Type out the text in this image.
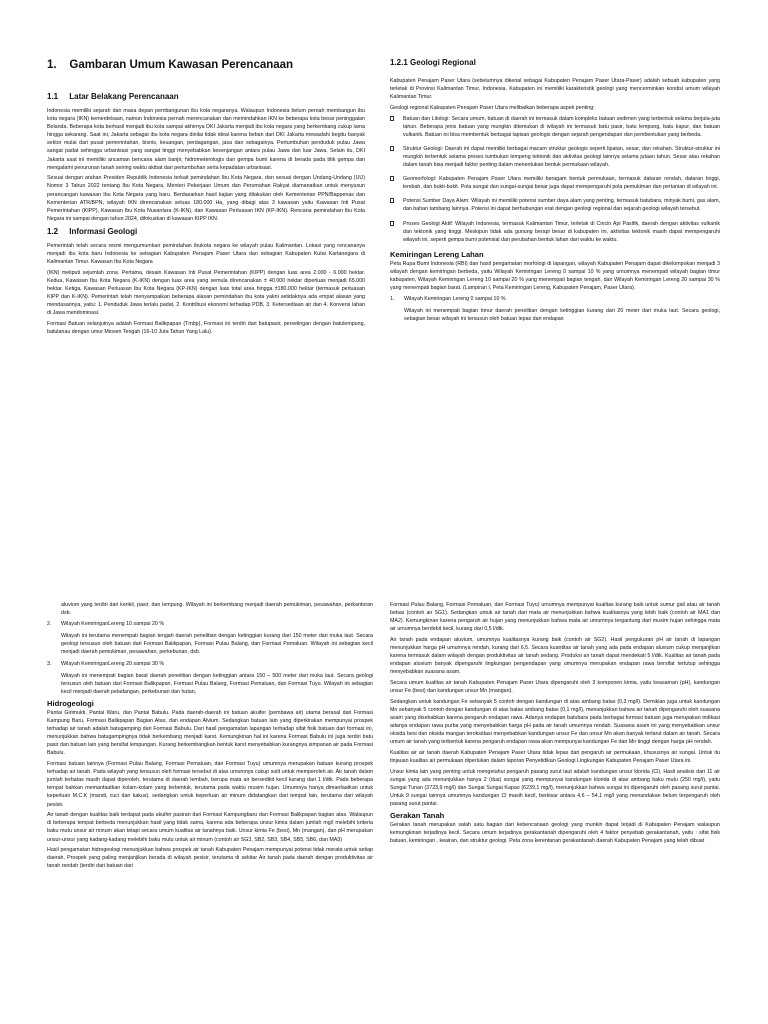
1.    Gambaran Umum Kawasan Perencanaan
1.1     Latar Belakang Perencanaan

Indonesia memiliki sejarah dan masa depan pembangunan ibu kota negaranya. Walaupun Indonesia belum pernah membangun ibu kota negara (IKN) kemerdekaan, namun Indonesia pernah merencanakan dan memindahkan IKN ke beberapa kota besar peninggalan Belanda. Beberapa kota berhasil menjadi ibu kota sampai akhirnya DKI Jakarta menjadi ibu kota negara yang berkembang cukup lama hingga sekarang. Saat ini, Jakarta sebagai ibu kota negara dinilai tidak ideal karena beban dari DKI Jakarta mewadahi begitu banyak sektor mulai dari pusat pemerintahan, bisnis, keuangan, perdagangan, jasa dan sebagainya. Pertumbuhan penduduk pulau Jawa sangat padat sehingga urbanisasi yang sangat tinggi menyebabkan kesenjangan antara pulau Jawa dan luar Jawa. Selain itu, DKI Jakarta saat ini memiliki ancaman bencana alam banjir, hidrometerologis dan gempa bumi karena di berada pada titik gempa dan mengalami penurunan tanah seiring waktu akibat dari pertumbuhan serta kepadatan urbanisasi.

Sesuai dengan arahan Presiden Republik Indonesia terkait pemindahan Ibu Kota Negara, dan sesuai dengan Undang-Undang (UU) Nomor 3 Tahun 2022 tentang Ibu Kota Negara, Menteri Pekerjaan Umum dan Perumahan Rakyat diamanatkan untuk menyusun perancangan kawasan Ibu Kota Negara yang baru. Berdasarkan hasil kajian yang dilakukan oleh Kementerian PPN/Bappenas dan Kementerian ATR/BPN, wilayah IKN direncanakan seluas 180.000 Ha, yang dibagi atas 3 kawasan yaitu Kawasan Inti Pusat Pemerintahan (KIPP), Kawasan Ibu Kota Nusantara (K-IKN), dan Kawasan Perluasan IKN (KP-IKN). Rencana pemindahan Ibu Kota Negara ini sampai dengan tahun 2024, difokuskan di kawasan KIPP IKN.

1.2     Informasi Geologi

Pemerintah telah secara resmi mengumumkan pemindahan ibukota negara ke wilayah pulau Kalimantan. Lokasi yang rencananya menjadi ibu kota baru Indonesia ke sebagian Kabupaten Penajam Paser Utara dan sebagian Kabupaten Kutai Kartanegara di Kalimantan Timur. Kawasan Ibu Kota Negara

(IKN) meliputi sejumlah zona. Pertama, desain Kawasan Inti Pusat Pemerintahan (KIPP) dengan luas area 2.000 - 6.000 hektar. Kedua, Kawasan Ibu Kota Negara (K-IKN) dengan luas area yang semula direncanakan ± 40.000 hektar diperluas menjadi 65.000 hektar. Ketiga, Kawasan Perluasan Ibu Kota Negara (KP-IKN) dengan luas total area hingga ±180.000 hektar (termasuk perluasan KIPP dan K-IKN). Pemerintah telah menyampaikan beberapa alasan pemindahan ibu kota yakni setidaknya ada empat alasan yang mendasarinya, yaitu: 1. Penduduk Jawa terlalu padat, 2. Kontribusi ekonomi terhadap PDB, 3. Ketersediaan air dan 4. Konversi lahan di Jawa mendominasi.

Formasi Batuan selanjutnya adalah Formasi Balikpapan (Tmbp), Formasi ini terdiri dari batupasir, perselingan dengan batulempung, batulanau dengan umur Miosen Tengah (16-10 Juta Tahun Yang Lalu).

1.2.1 Geologi Regional

Kabupaten Penajam Paser Utara (sebelumnya dikenal sebagai Kabupaten Penajam Paser Utara-Paser) adalah sebuah kabupaten yang terletak di Provinsi Kalimantan Timur, Indonesia. Kabupaten ini memiliki karakteristik geologi yang mencerminkan kondisi umum wilayah Kalimantan Timur.

Geologi regional Kabupaten Penajam Paser Utara melibatkan beberapa aspek penting:

Batuan dan Litologi: Secara umum, batuan di daerah ini termasuk dalam kompleks batuan sedimen yang terbentuk selama berjuta-juta tahun. Beberapa jenis batuan yang mungkin ditemukan di wilayah ini termasuk batu pasir, batu lempung, batu kapur, dan batuan vulkanik. Batuan ini bisa membentuk berbagai lapisan geologis dengan sejarah pengendapan dan pembentukan yang berbeda.
Struktur Geologi: Daerah ini dapat memiliki berbagai macam struktur geologis seperti lipatan, sesar, dan rekahan. Struktur-struktur ini mungkin terbentuk selama proses tumbukan lempeng tektonik dan aktivitas geologi lainnya selama jutaan tahun. Sesar atau rekahan dalam tanah bisa menjadi faktor penting dalam menentukan bentuk permukaan wilayah.
Geomorfologi: Kabupaten Penajam Paser Utara memiliki beragam bentuk permukaan, termasuk dataran rendah, dataran tinggi, lembah, dan bukit-bukit. Pola sungai dan sungai-sungai besar juga dapat mempengaruhi pola pemukiman dan pertanian di wilayah ini.
Potensi Sumber Daya Alam: Wilayah ini memiliki potensi sumber daya alam yang penting, termasuk batubara, minyak bumi, gas alam, dan bahan tambang lainnya. Potensi ini dapat berhubungan erat dengan geologi regional dan sejarah geologi wilayah tersebut.
Proses Geologi Aktif: Wilayah Indonesia, termasuk Kalimantan Timur, terletak di Cincin Api Pasifik, daerah dengan aktivitas vulkanik dan tektonik yang tinggi. Meskipun tidak ada gunung berapi besar di kabupaten ini, aktivitas tektonik masih dapat mempengaruhi wilayah ini, seperti gempa bumi potensial dan perubahan bentuk lahan dari waktu ke waktu.
Kemiringan Lereng Lahan

Peta Rupa Bumi Indonesia (RBI) dan hasil pengamatan morfologi di lapangan, wilayah Kabupaten Penajam dapat dikelompokan menjadi 3 wilayah dengan kemiringan berbeda, yaitu Wilayah Kemiringan Lereng 0 sampai 10 % yang umumnya menempati wilayah bagian timur kabupaten, Wilayah Kemiringan Lereng 10 sampai 20 % yang menempati bagian tengah, dan Wilayah Kemiringan Lereng 20 sampai 30 % yang menempati bagian barat. (Lampiran I, Peta Kemiringan Lereng, Kabupaten Penajam, Paser Utara).

1. Wilayah Kemiringan Lereng 0 sampai 10 %

Wilayah ini menempati bagian timur daerah penelitian dengan ketinggian kurang dari 20 meter dari muka laut. Secara geologi, sebagian besar wilayah ini tersusun oleh batuan lepas dari endapan

aluvium yang terdiri dari kerikil, pasir, dan lempung. Wilayah ini berkembang menjadi daerah pemukiman, pesawahan, perkantoran dsb.

2. Wilayah KemiringanLereng 10 sampai 20 %

Wilayah ini terutama menempati bagian tengah daerah penelitian dengan ketinggian kurang dari 150 meter dari muka laut. Secara geologi tersusun oleh batuan dari Formasi Balikpapan, Formasi Pulau Balang, dan Formasi Pemaluan. Wilayah ini sebagian kecil menjadi daerah pemukiman, pesawahan, perkebunan, dsb.

3. Wilayah KemiringanLereng 20 sampai 30 %

Wilayah ini menempati bagian barat daerah penelitian dengan ketinggian antara 150 – 500 meter dari muka laut. Secara geologi tersusun oleh batuan dari Formasi Balikpapan, Formasi Pulau Balang, Formasi Pemaluan, dan Formasi Tuyu. Wilayah ini sebagian kecil menjadi daerah peladangan, perkebunan dan hutan,

Hidrogeologi

Pantai Girimukti, Pantai Waru, dan Pantai Babulu. Pada daerah-daerah ini batuan akuifer (pembawa air) utama berasal dari Formasi Kampung Baru, Formasi Balikpapan Bagian Atas, dan endapan Alvium. Sedangkan batuan lain yang diperkirakan mempunyai prospek terhadap air tanah adalah batugamping dari Formasi Babulu. Dari hasil pengamatan lapangan terhadap sifat fisik batuan dari formasi ini, menunjukkan bahwa batugampingnya tidak berkembang menjadi karst. Kemungkinan hal ini karena Formasi Babulu ini juga terdiri batu pasir dan batuan lain yang bersifat lempungan. Kurang berkembangkan bentuk karst menyebabkan kurangnya simpanan air pada Formasi Babulu.

Formasi batuan lainnya (Formasi Pulau Balang, Formasi Pemaluan, dan Formasi Tuyu) umumnya merupakan batuan kurang prospek terhadap air tanah. Pada wilayah yang tersusun oleh formasi tersebut di atas umumnya cukup sulit untuk memperoleh air. Air tanah dalam jumlah terbatas masih dapat diperoleh, terutama di daerah lembah, berupa mata air bersedikit kecil kurang dari 1 l/dtk. Pada beberapa tempat bahkan memanfaatkan kolam-kolam yang terbentuk, terutama pada waktu musim hujan. Umumnya hanya dimanfaatkan untuk keperluan M.C.K (mandi, cuci dan kakus), sedangkan untuk keperluan air minum didatangkan dari tempat lain, terutama dari wilayah pesisir.

Air tanah dengan kualitas baik terdapat pada akuifer pasiran dari Formasi Kampungbaru dan Formasi Balikpapan bagian atas. Walaupun di beberapa tempat berbeda menunjukkan hasil yang tidak sama, karena ada beberapa unsur kimia dalam jumlah mg/l melebihi kriteria baku mutu unsur air minum akan tetapi secara umum kualitas air tanahnya baik. Unsur kimia Fe (besi), Mn (mangan), dan pH merupakan unsur-unsur yang kadang-kadang melebihi baku mutu untuk air minum (contoh air SG3, SB2, SB3, SB4, SB5, SB6, dan MA3)

Hasil pengamatan hidrogeologi menunjukkan bahwa prospek air tanah Kabupaten Penajam mempunyai potensi tidak merata untuk setiap daerah. Prospek yang paling menjanjikan berada di wilayah pesisir, terutama di sekitar Air tanah pada daerah dengan produktivitas air tanah rendah (terdiri dari batuan dari

Formasi Pulau Balang, Formasi Pemaluan, dan Formasi Tuyu) umumnya mempunyai kualitas kurang baik untuk sumur gali atau air tanah bebas (contoh air SG1). Sedangkan untuk air tanah dari mata air menunjukkan bahwa kualitasnya yang lebih baik (contoh air MA1 dan MA2). Kemungkinan karena pengaruh air hujan yang menunjukkan bahwa mata air umumnya tergantung dari musim hujan sehingga mata air umumnya berdebit kecil, kurang dari 0,5 l/dtk.

Air tanah pada endapan aluvium, umumnya kualitasnya kurang baik (contoh air SG2). Hasil pengukuran pH air tanah di lapangan menunjukkan harga pH umumnya rendah, kurang dari 6,5. Secara kuantitas air tanah yang ada pada endapan aluvium cukup menjanjikan karena termasuk dalam wilayah dengan produktivitas air tanah sedang. Produksi air tanah dapat mendekati 5 l/dtk. Kualitas air tanah pada endapan aluvium banyak dipengaruhi lingkungan pengendapan yang umumnya merupakan endapan rawa bersifat tertutup sehingga menyebabkan suasana asam.

Secara umum kualitas air tanah Kabupaten Penajam Paser Utara dipengaruhi oleh 3 komponen kimia, yaitu keasaman (pH), kandungan unsur Fe (besi) dan kandungan unsur Mn (mangan).

Sedangkan untuk kandungan Fe sebanyak 5 contoh dengan kandungan di atas ambang batas (0,3 mg/l). Demikian juga untuk kandungan Mn sebanyak 5 contoh dengan kandungan di atas batas ambang batas (0,1 mg/l), menunjukkan bahwa air tanah dipengaruhi oleh suasana asam yang disebabkan karena pengaruh endapan rawa. Adanya endapan batubara pada berbagai formasi batuan juga merupakan indikasi adanya endapan rawa purba yang menyebabkan harga pH pada air tanah umumnya rendah. Suasana asam ini yang menyebabkan unsur oksida besi dan oksida mangan teroksidasi menyebabkan kandungan unsur Fe dan unsur Mn akan banyak terlarut dalam air tanah. Secara umum air tanah yang terbentuk karena pengaruh endapan rawa akan mempunyai kandungan Fe dan Mn tinggi dengan harga pH rendah.

Kualitas air air tanah daerah Kabupaten Penajam Paser Utara tidak lepas dari pengaruh air permukaan, khususnya air sungai. Untuk itu tinjauan kualitas air permukaan diperlukan dalam laporan Penyelidikan Geologi Lingkungan Kabupaten Penajam Paser Utara ini.

Unsur kimia lain yang penting untuk mengetahui pengaruh pasang surut laut adalah kandungan unsur klorida (Cl). Hasil analisis dari 11 air sungai yang ada menunjukkan hanya 2 (dua) sungai yang mempunyai kandungan klorida di atas ambang baku mutu (250 mg/l), yaitu Sungai Tunan (3723,9 mg/l) dan Sungai Sungai Kapao (6239,1 mg/l), menunjukkan bahwa sungai ini dipengaruhi oleh pasang surut pantai. Untuk 9 sungai lainnya umumnya kandungan Cl masih kecil, berkisar antara 4,6 – 54,1 mg/l yang menandakan belum terpengaruh oleh pasang surut pantai.

Gerakan Tanah

Gerakan tanah merupakan salah satu bagian dari kebencanaan geologi yang munkin dapat terjadi di Kabupaten Penajam walaupun kemungkinan terjadinya kecil. Secara umum terjadinya gerakantanah dipengaruhi oleh 4 faktor penyebab gerakantanah, yaitu : sifat fisik batuan, kemiringan , keairan, dan struktur geologi. Peta zona kerentanan gerakantanah daerah Kabupaten Penajam yang telah dibuat
